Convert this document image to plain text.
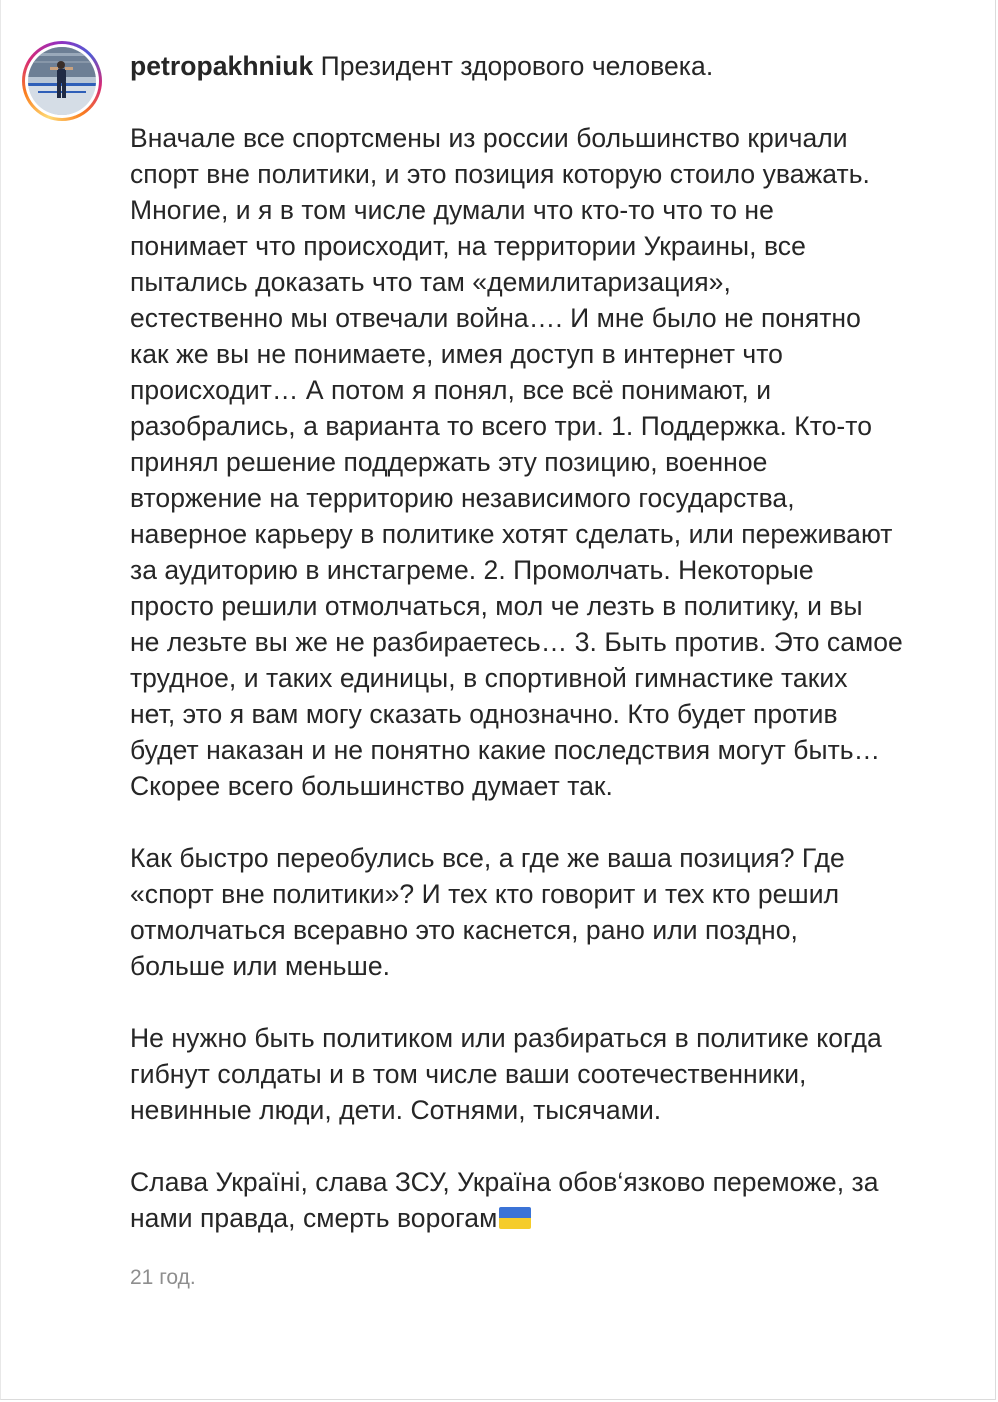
petropakhniuk Президент здорового человека.
Вначале все спортсмены из россии большинство кричали
спорт вне политики, и это позиция которую стоило уважать.
Многие, и я в том числе думали что кто-то что то не
понимает что происходит, на территории Украины, все
пытались доказать что там «демилитаризация»,
естественно мы отвечали война…. И мне было не понятно
как же вы не понимаете, имея доступ в интернет что
происходит… А потом я понял, все всё понимают, и
разобрались, а варианта то всего три. 1. Поддержка. Кто-то
принял решение поддержать эту позицию, военное
вторжение на территорию независимого государства,
наверное карьеру в политике хотят сделать, или переживают
за аудиторию в инстагреме. 2. Промолчать. Некоторые
просто решили отмолчаться, мол че лезть в политику, и вы
не лезьте вы же не разбираетесь… 3. Быть против. Это самое
трудное, и таких единицы, в спортивной гимнастике таких
нет, это я вам могу сказать однозначно. Кто будет против
будет наказан и не понятно какие последствия могут быть…
Скорее всего большинство думает так.
Как быстро переобулись все, а где же ваша позиция? Где
«спорт вне политики»? И тех кто говорит и тех кто решил
отмолчаться всеравно это каснется, рано или поздно,
больше или меньше.
Не нужно быть политиком или разбираться в политике когда
гибнут солдаты и в том числе ваши соотечественники,
невинные люди, дети. Сотнями, тысячами.
Слава Україні, слава ЗСУ, Україна обов‘язково переможе, за
нами правда, смерть ворогам
21 год.
